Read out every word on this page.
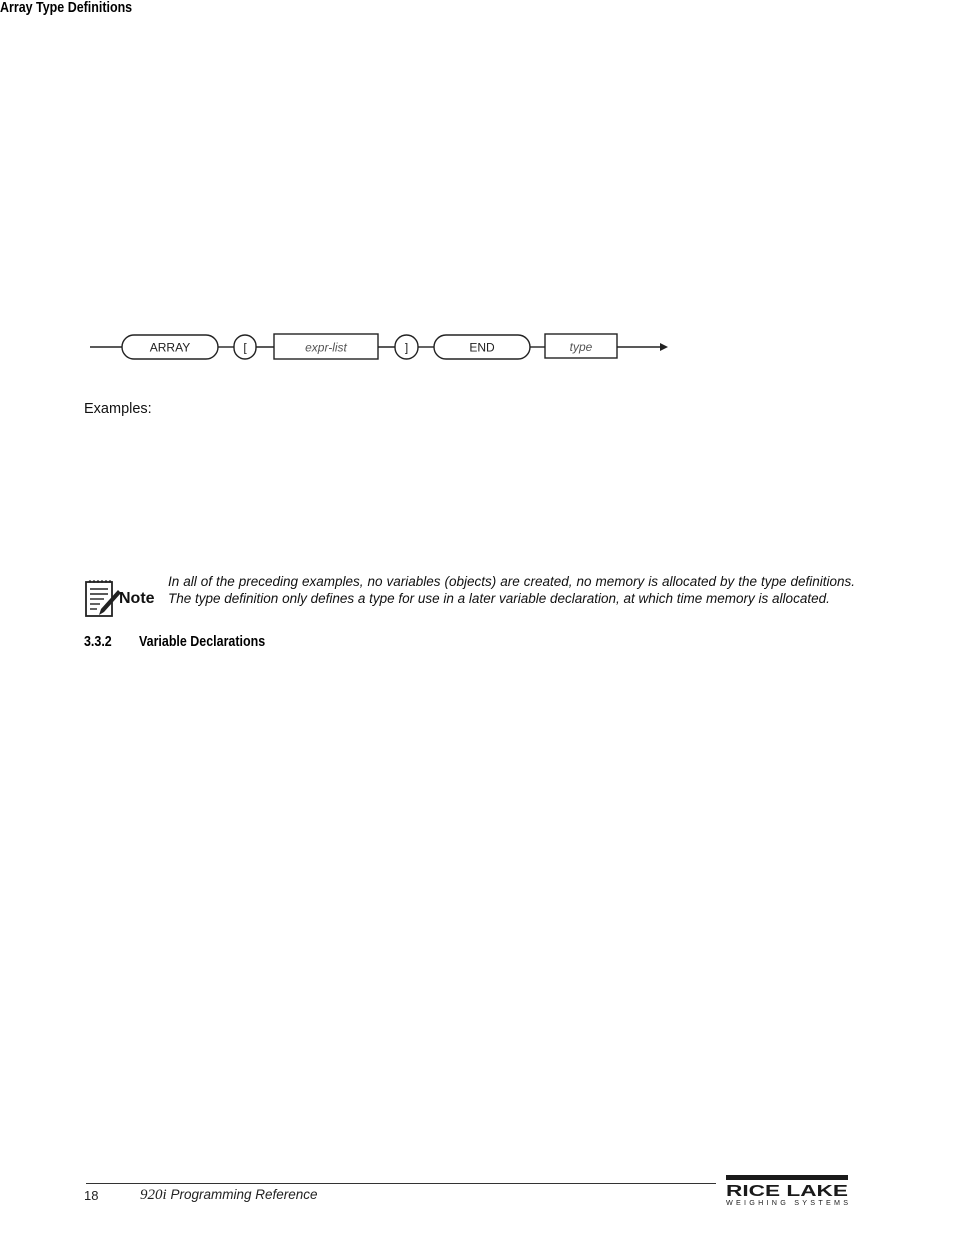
Array Type Definitions
ARRAY	[	expr-list	]	END	type
Examples:
Note
In all of the preceding examples, no variables (objects) are created, no memory is allocated by the type definitions. The type definition only defines a type for use in a later variable declaration, at which time memory is allocated.
3.3.2 Variable Declarations
18	920i Programming Reference	RICE LAKE
WEIGHING SYSTEMS
